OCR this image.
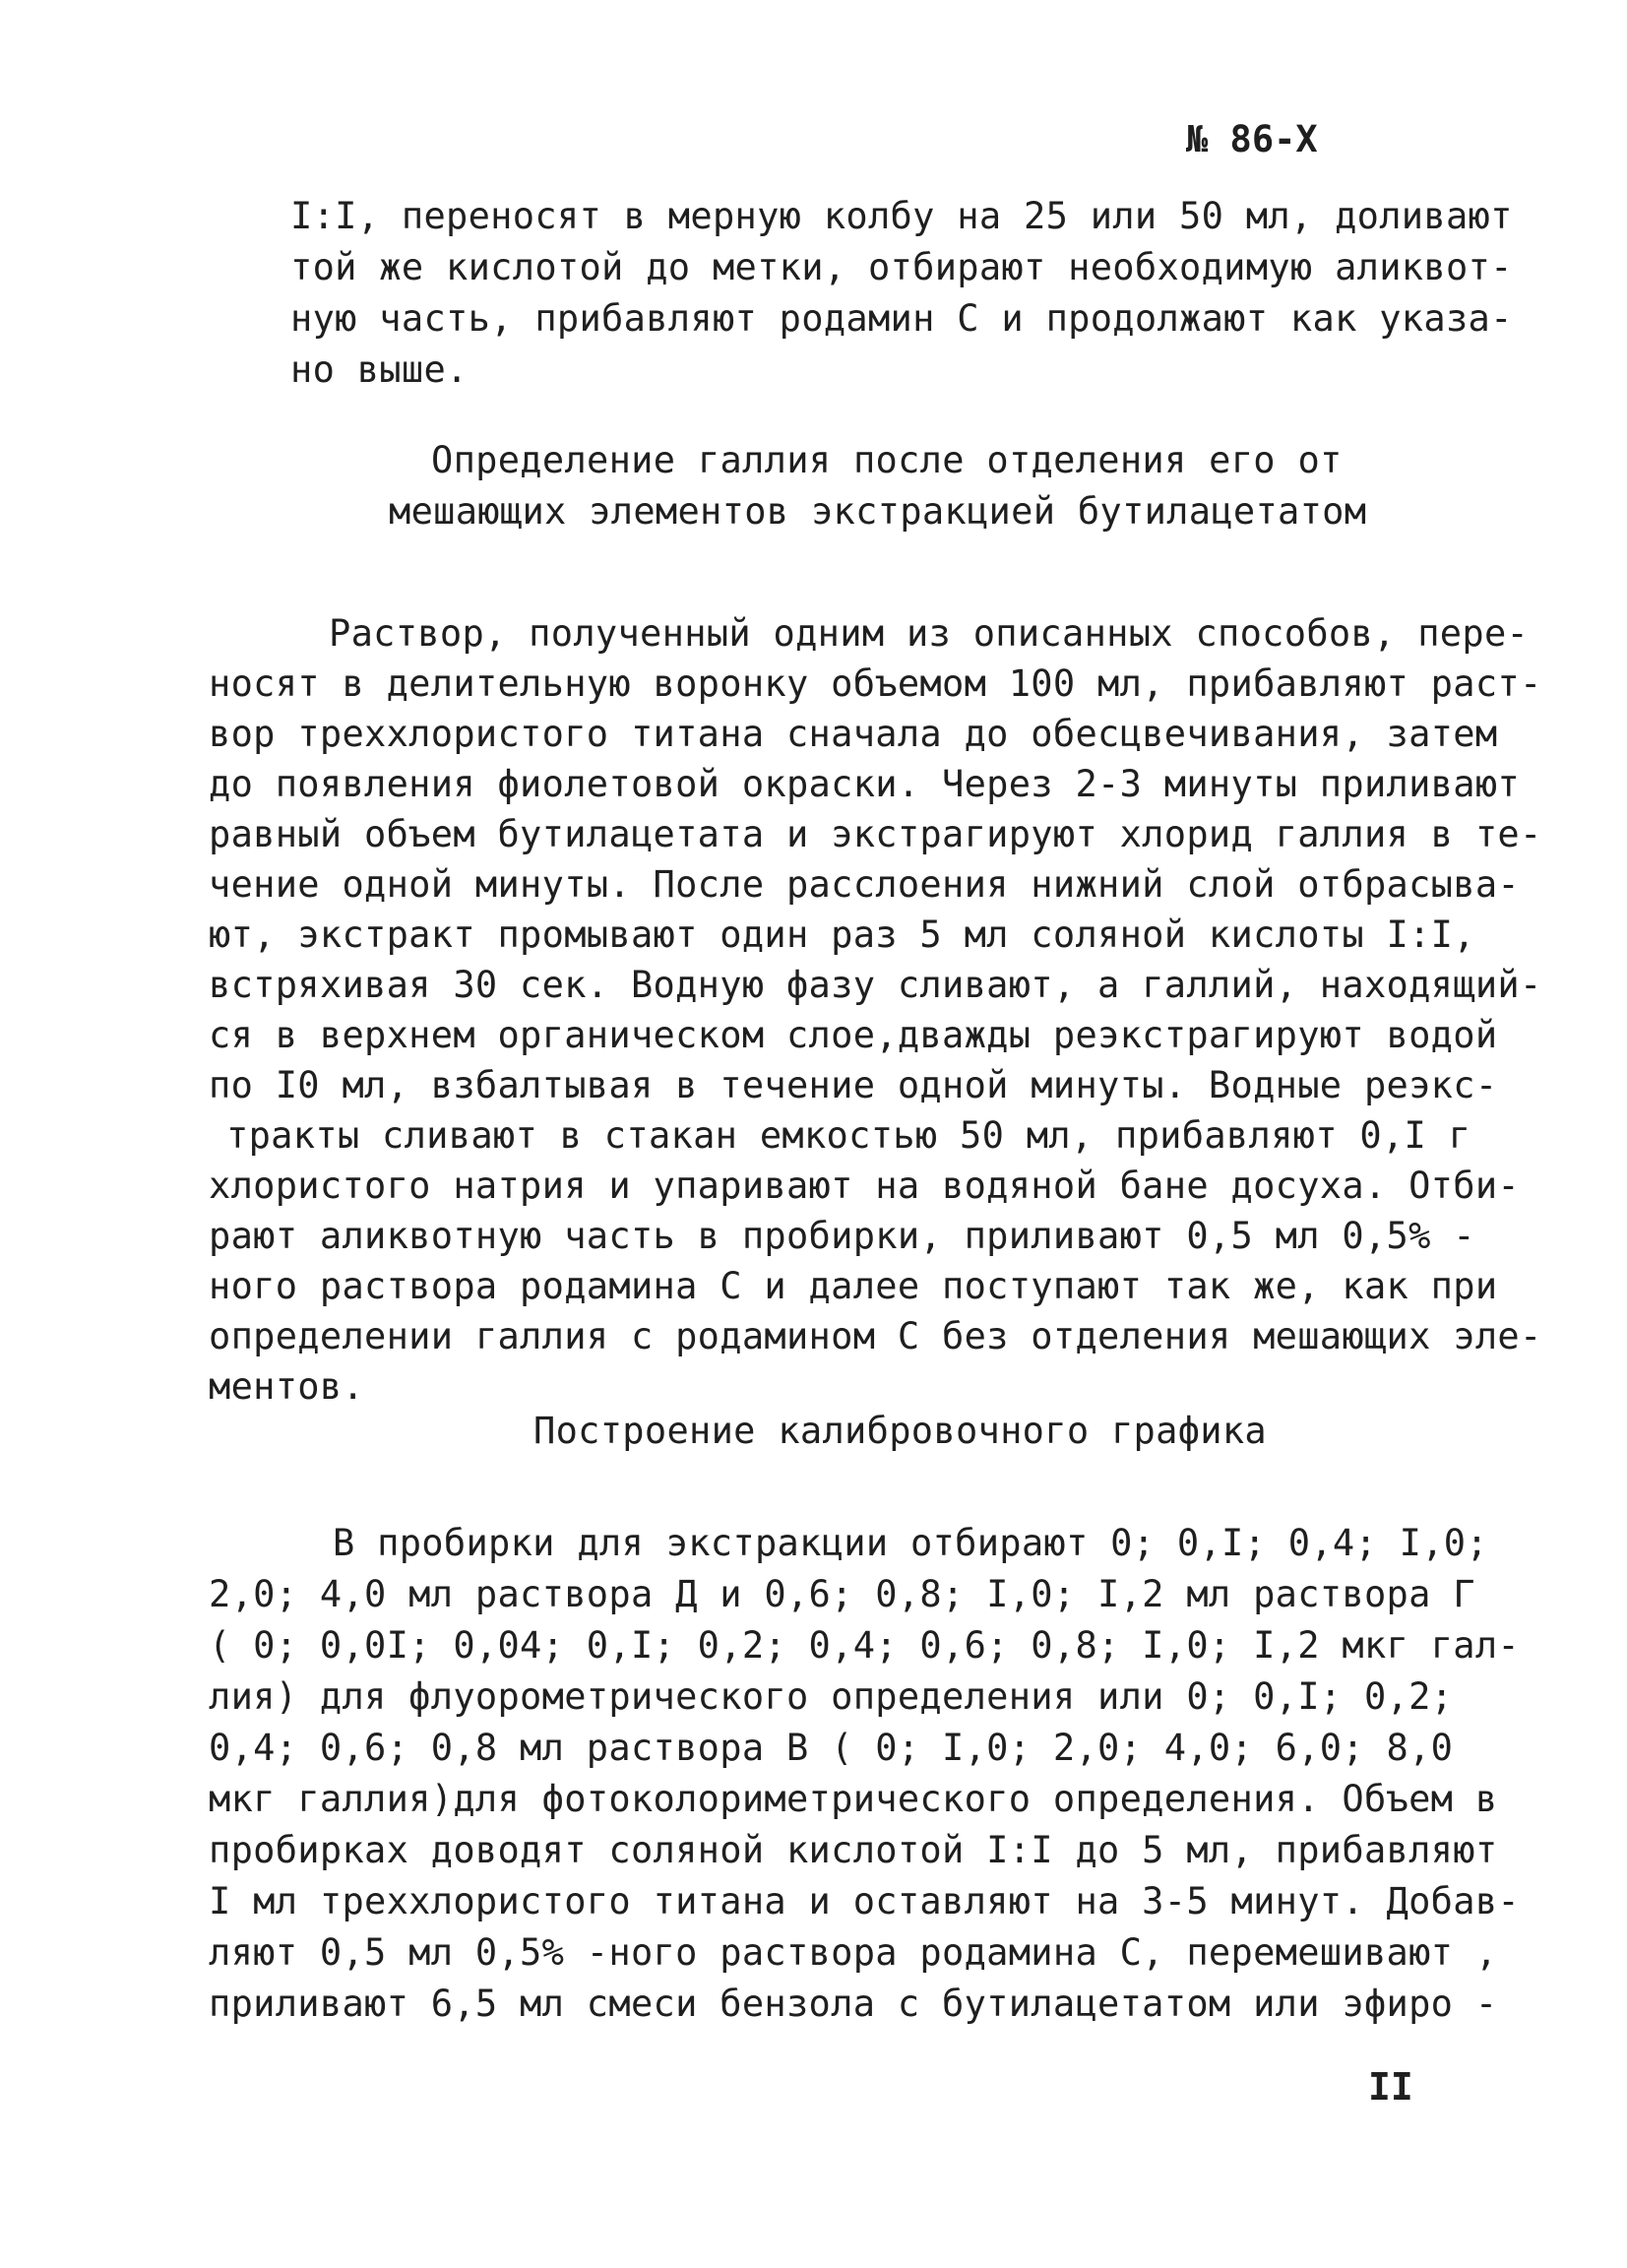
№ 86-Х
I:I, переносят в мерную колбу на 25 или 50 мл, доливают
той же кислотой до метки, отбирают необходимую аликвот-
ную часть, прибавляют родамин С и продолжают как указа-
но выше.
Определение галлия после отделения его от
мешающих элементов экстракцией бутилацетатом
Раствор, полученный одним из описанных способов, пере-
носят в делительную воронку объемом 100 мл, прибавляют раст-
вор треххлористого титана сначала до обесцвечивания, затем
до появления фиолетовой окраски. Через 2-3 минуты приливают
равный объем бутилацетата и экстрагируют хлорид галлия в те-
чение одной минуты. После расслоения нижний слой отбрасыва-
ют, экстракт промывают один раз 5 мл соляной кислоты I:I,
встряхивая 30 сек. Водную фазу сливают, а галлий, находящий-
ся в верхнем органическом слое,дважды реэкстрагируют водой
по I0 мл, взбалтывая в течение одной минуты. Водные реэкс-
тракты сливают в стакан емкостью 50 мл, прибавляют 0,I г
хлористого натрия и упаривают на водяной бане досуха. Отби-
рают аликвотную часть в пробирки, приливают 0,5 мл 0,5% -
ного раствора родамина С и далее поступают так же, как при
определении галлия с родамином С без отделения мешающих эле-
ментов.
Построение калибровочного графика
В пробирки для экстракции отбирают 0; 0,I; 0,4; I,0;
2,0; 4,0 мл раствора Д и 0,6; 0,8; I,0; I,2 мл раствора Г
( 0; 0,0I; 0,04; 0,I; 0,2; 0,4; 0,6; 0,8; I,0; I,2 мкг гал-
лия) для флуорометрического определения или 0; 0,I; 0,2;
0,4; 0,6; 0,8 мл раствора В ( 0; I,0; 2,0; 4,0; 6,0; 8,0
мкг галлия)для фотоколориметрического определения. Объем в
пробирках доводят соляной кислотой I:I до 5 мл, прибавляют
I мл треххлористого титана и оставляют на 3-5 минут. Добав-
ляют 0,5 мл 0,5% -ного раствора родамина С, перемешивают ,
приливают 6,5 мл смеси бензола с бутилацетатом или эфиро -
II
